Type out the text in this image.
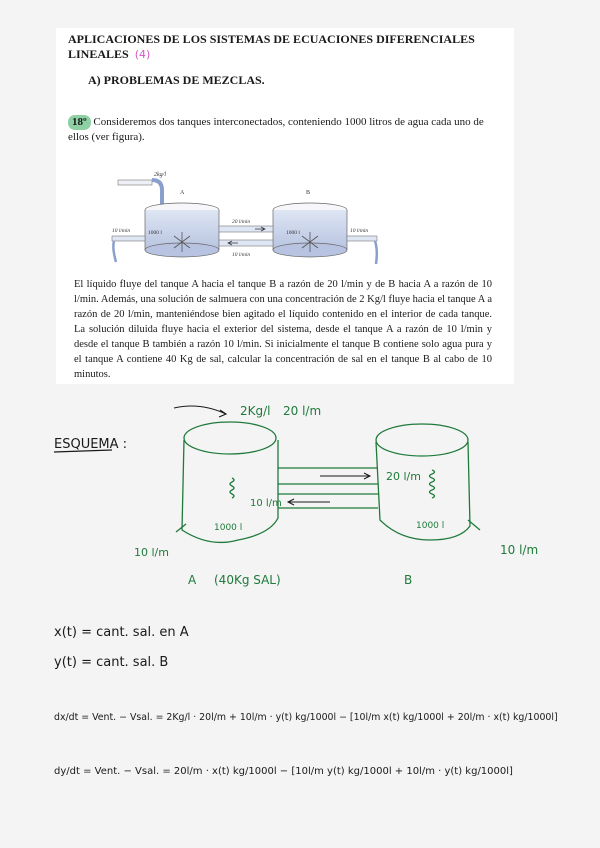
APLICACIONES DE LOS SISTEMAS DE ECUACIONES DIFERENCIALES LINEALES (4)
A) PROBLEMAS DE MEZCLAS.
18º Consideremos dos tanques interconectados, conteniendo 1000 litros de agua cada uno de ellos (ver figura).
2kg/l
A
1000 l
B
1000 l
20 l/min
10 l/min
10 l/min	10 l/min
El líquido fluye del tanque A hacia el tanque B a razón de 20 l/min y de B hacia A a razón de 10 l/min. Además, una solución de salmuera con una concentración de 2 Kg/l fluye hacia el tanque A a razón de 20 l/min, manteniéndose bien agitado el líquido contenido en el interior de cada tanque. La solución diluida fluye hacia el exterior del sistema, desde el tanque A a razón de 10 l/min y desde el tanque B también a razón 10 l/min. Si inicialmente el tanque B contiene solo agua pura y el tanque A contiene 40 Kg de sal, calcular la concentración de sal en el tanque B al cabo de 10 minutos.
ESQUEMA :
2Kg/l 20 l/m
20 l/m
10 l/m
1000 l	1000 l
10 l/m	10 l/m
A (40Kg SAL)	B
x(t) = cant. sal. en A
y(t) = cant. sal. B
dx/dt = Vent. − Vsal. = 2Kg/l · 20l/m + 10l/m · y(t) kg/1000l − [10l/m x(t) kg/1000l + 20l/m · x(t) kg/1000l]
dy/dt = Vent. − Vsal. = 20l/m · x(t) kg/1000l − [10l/m y(t) kg/1000l + 10l/m · y(t) kg/1000l]
